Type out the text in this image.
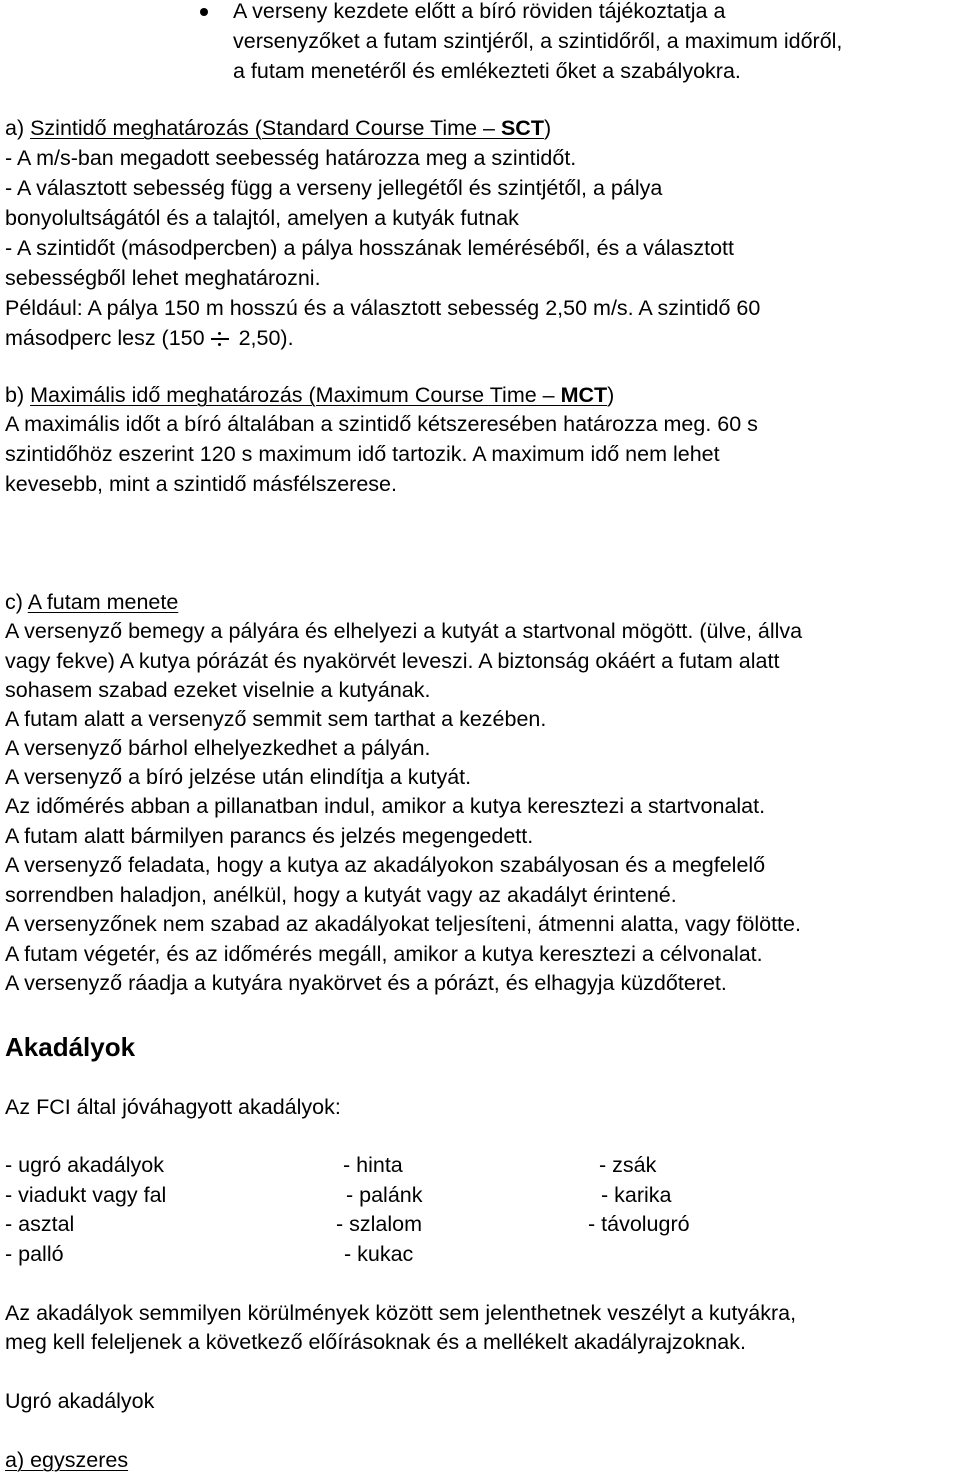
A verseny kezdete előtt a bíró röviden tájékoztatja a
versenyzőket a futam szintjéről, a szintidőről, a maximum időről,
a futam menetéről és emlékezteti őket a szabályokra.
a) Szintidő meghatározás (Standard Course Time – SCT)
- A m/s-ban megadott seebesség határozza meg a szintidőt.
- A választott sebesség függ a verseny jellegétől és szintjétől, a pálya
bonyolultságától és a talajtól, amelyen a kutyák futnak
- A szintidőt (másodpercben) a pálya hosszának leméréséből, és a választott
sebességből lehet meghatározni.
Például: A pálya 150 m hosszú és a választott sebesség 2,50 m/s. A szintidő 60
másodperc lesz (150 2,50).
b) Maximális idő meghatározás (Maximum Course Time – MCT)
A maximális időt a bíró általában a szintidő kétszeresében határozza meg. 60 s
szintidőhöz eszerint 120 s maximum idő tartozik. A maximum idő nem lehet
kevesebb, mint a szintidő másfélszerese.
c) A futam menete
A versenyző bemegy a pályára és elhelyezi a kutyát a startvonal mögött. (ülve, állva
vagy fekve) A kutya pórázát és nyakörvét leveszi. A biztonság okáért a futam alatt
sohasem szabad ezeket viselnie a kutyának.
A futam alatt a versenyző semmit sem tarthat a kezében.
A versenyző bárhol elhelyezkedhet a pályán.
A versenyző a bíró jelzése után elindítja a kutyát.
Az időmérés abban a pillanatban indul, amikor a kutya keresztezi a startvonalat.
A futam alatt bármilyen parancs és jelzés megengedett.
A versenyző feladata, hogy a kutya az akadályokon szabályosan és a megfelelő
sorrendben haladjon, anélkül, hogy a kutyát vagy az akadályt érintené.
A versenyzőnek nem szabad az akadályokat teljesíteni, átmenni alatta, vagy fölötte.
A futam végetér, és az időmérés megáll, amikor a kutya keresztezi a célvonalat.
A versenyző ráadja a kutyára nyakörvet és a pórázt, és elhagyja küzdőteret.
Akadályok
Az FCI által jóváhagyott akadályok:
- ugró akadályok
- viadukt vagy fal
- asztal
- palló
- hinta
- palánk
- szlalom
- kukac
- zsák
- karika
- távolugró
Az akadályok semmilyen körülmények között sem jelenthetnek veszélyt a kutyákra,
meg kell feleljenek a következő előírásoknak és a mellékelt akadályrajzoknak.
Ugró akadályok
a) egyszeres
